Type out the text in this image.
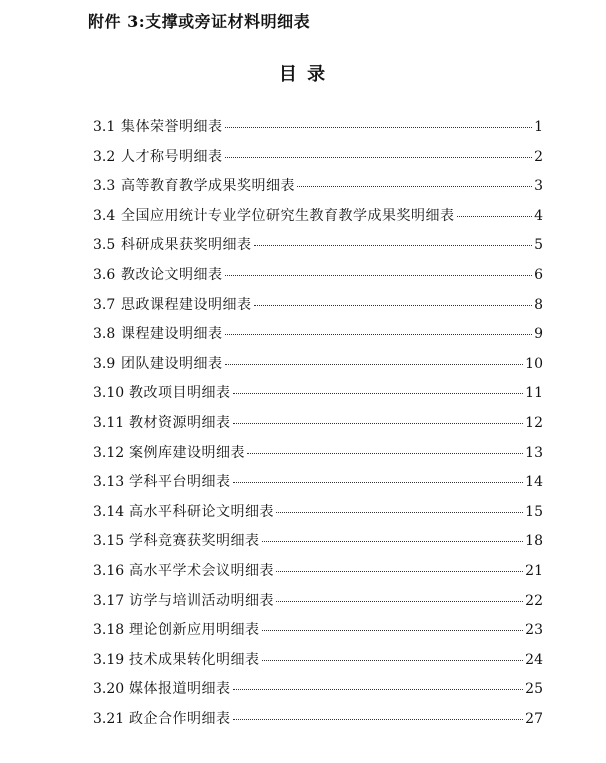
附件 3:支撑或旁证材料明细表
目 录
3.1 集体荣誉明细表	1
3.2 人才称号明细表	2
3.3 高等教育教学成果奖明细表	3
3.4 全国应用统计专业学位研究生教育教学成果奖明细表	4
3.5 科研成果获奖明细表	5
3.6 教改论文明细表	6
3.7 思政课程建设明细表	8
3.8 课程建设明细表	9
3.9 团队建设明细表	10
3.10 教改项目明细表	11
3.11 教材资源明细表	12
3.12 案例库建设明细表	13
3.13 学科平台明细表	14
3.14 高水平科研论文明细表	15
3.15 学科竞赛获奖明细表	18
3.16 高水平学术会议明细表	21
3.17 访学与培训活动明细表	22
3.18 理论创新应用明细表	23
3.19 技术成果转化明细表	24
3.20 媒体报道明细表	25
3.21 政企合作明细表	27
